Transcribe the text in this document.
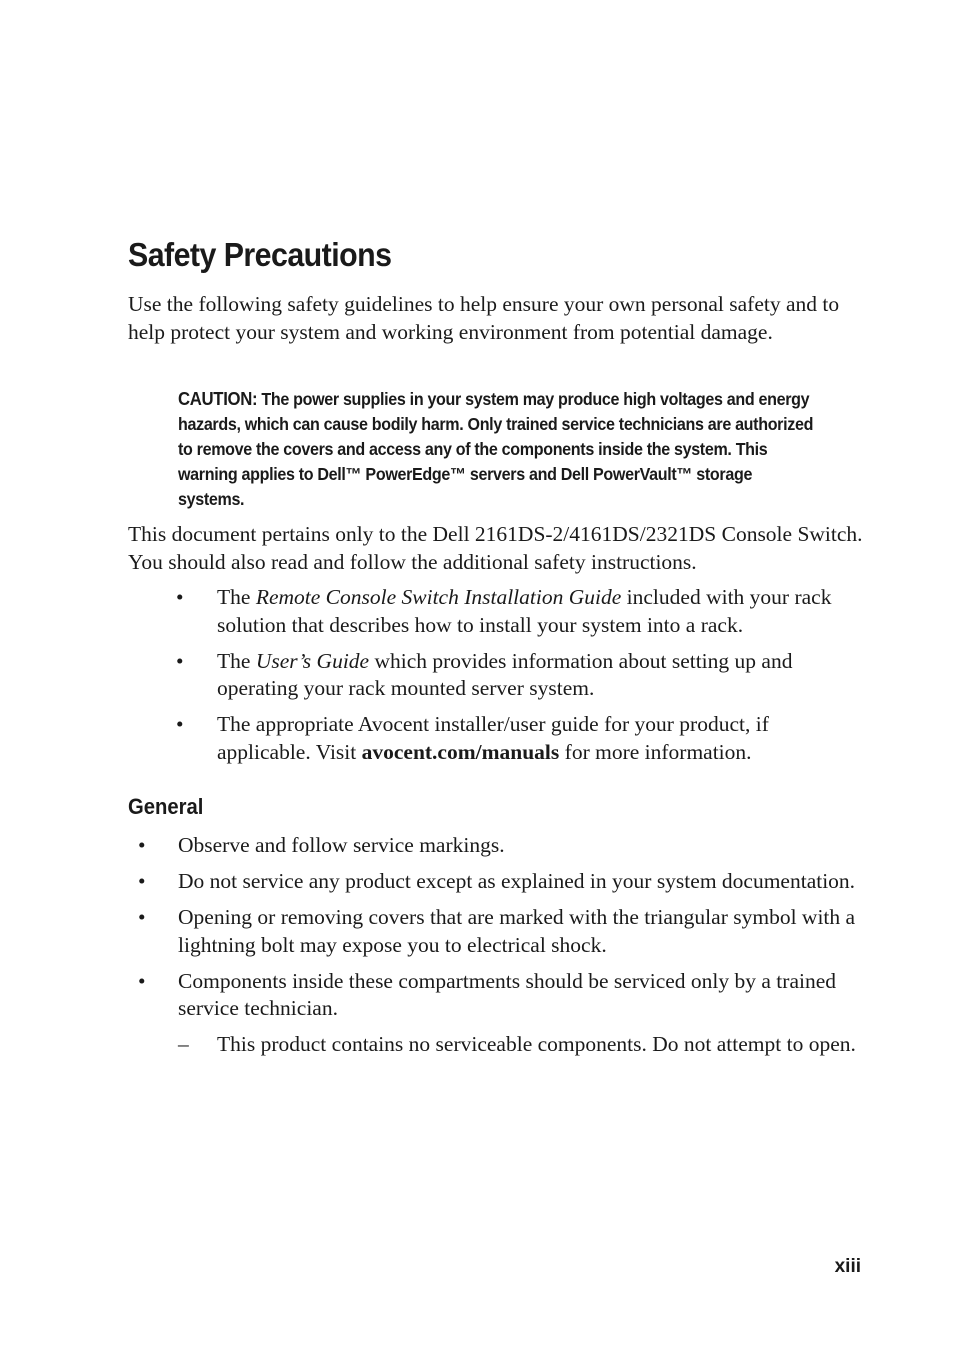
Safety Precautions

Use the following safety guidelines to help ensure your own personal safety and to help protect your system and working environment from potential damage.

CAUTION: The power supplies in your system may produce high voltages and energy hazards, which can cause bodily harm. Only trained service technicians are authorized to remove the covers and access any of the components inside the system. This warning applies to Dell™ PowerEdge™ servers and Dell PowerVault™ storage systems.

This document pertains only to the Dell 2161DS-2/4161DS/2321DS Console Switch. You should also read and follow the additional safety instructions.

• The Remote Console Switch Installation Guide included with your rack solution that describes how to install your system into a rack.
• The User’s Guide which provides information about setting up and operating your rack mounted server system.
• The appropriate Avocent installer/user guide for your product, if applicable. Visit avocent.com/manuals for more information.
General
• Observe and follow service markings.
• Do not service any product except as explained in your system documentation.
• Opening or removing covers that are marked with the triangular symbol with a lightning bolt may expose you to electrical shock.
• Components inside these compartments should be serviced only by a trained service technician.
– This product contains no serviceable components. Do not attempt to open.
xiii
